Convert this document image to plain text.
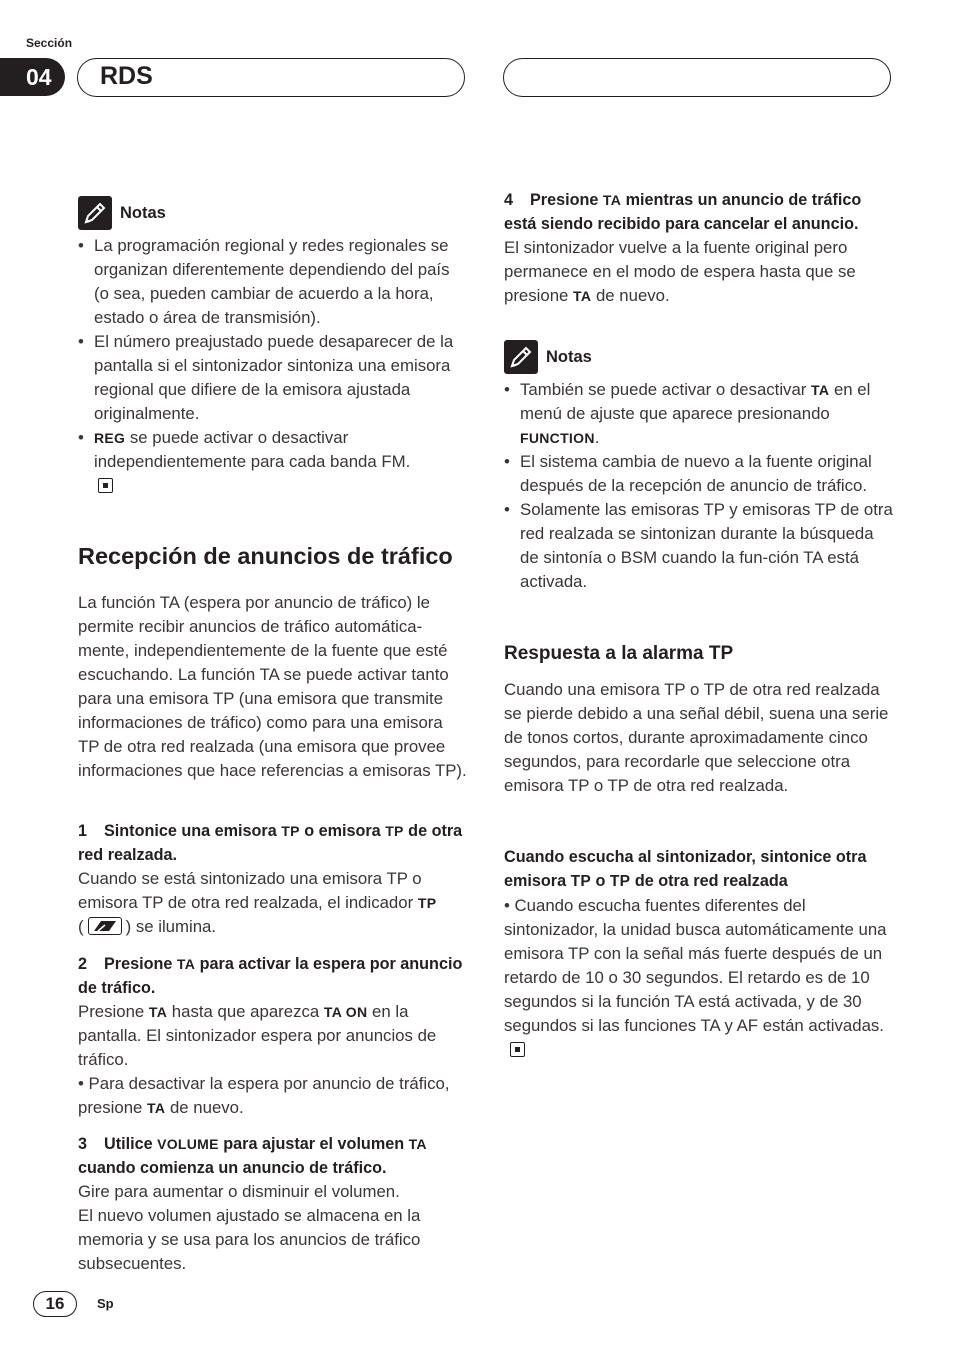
Sección
04	RDS
Notas
• La programación regional y redes regionales se organizan diferentemente dependiendo del país (o sea, pueden cambiar de acuerdo a la hora, estado o área de transmisión).
• El número preajustado puede desaparecer de la pantalla si el sintonizador sintoniza una emisora regional que difiere de la emisora ajustada originalmente.
• REG se puede activar o desactivar independientemente para cada banda FM.

Recepción de anuncios de tráfico
La función TA (espera por anuncio de tráfico) le permite recibir anuncios de tráfico automática-mente, independientemente de la fuente que esté escuchando. La función TA se puede activar tanto para una emisora TP (una emisora que transmite informaciones de tráfico) como para una emisora TP de otra red realzada (una emisora que provee informaciones que hace referencias a emisoras TP).
1 Sintonice una emisora TP o emisora TP de otra red realzada.
Cuando se está sintonizado una emisora TP o emisora TP de otra red realzada, el indicador TP
(	) se ilumina.
2 Presione TA para activar la espera por anuncio de tráfico.
Presione TA hasta que aparezca TA ON en la pantalla. El sintonizador espera por anuncios de tráfico.
• Para desactivar la espera por anuncio de tráfico, presione TA de nuevo.
3 Utilice VOLUME para ajustar el volumen TA cuando comienza un anuncio de tráfico.
Gire para aumentar o disminuir el volumen.
El nuevo volumen ajustado se almacena en la memoria y se usa para los anuncios de tráfico subsecuentes.
4 Presione TA mientras un anuncio de tráfico está siendo recibido para cancelar el anuncio.
El sintonizador vuelve a la fuente original pero permanece en el modo de espera hasta que se presione TA de nuevo.
Notas
• También se puede activar o desactivar TA en el menú de ajuste que aparece presionando FUNCTION.
• El sistema cambia de nuevo a la fuente original después de la recepción de anuncio de tráfico.
• Solamente las emisoras TP y emisoras TP de otra red realzada se sintonizan durante la búsqueda de sintonía o BSM cuando la fun-ción TA está activada.
Respuesta a la alarma TP
Cuando una emisora TP o TP de otra red realzada se pierde debido a una señal débil, suena una serie de tonos cortos, durante aproximadamente cinco segundos, para recordarle que seleccione otra emisora TP o TP de otra red realzada.
Cuando escucha al sintonizador, sintonice otra emisora TP o TP de otra red realzada
• Cuando escucha fuentes diferentes del sintonizador, la unidad busca automáticamente una emisora TP con la señal más fuerte después de un retardo de 10 o 30 segundos. El retardo es de 10 segundos si la función TA está activada, y de 30 segundos si las funciones TA y AF están activadas.
16	Sp
